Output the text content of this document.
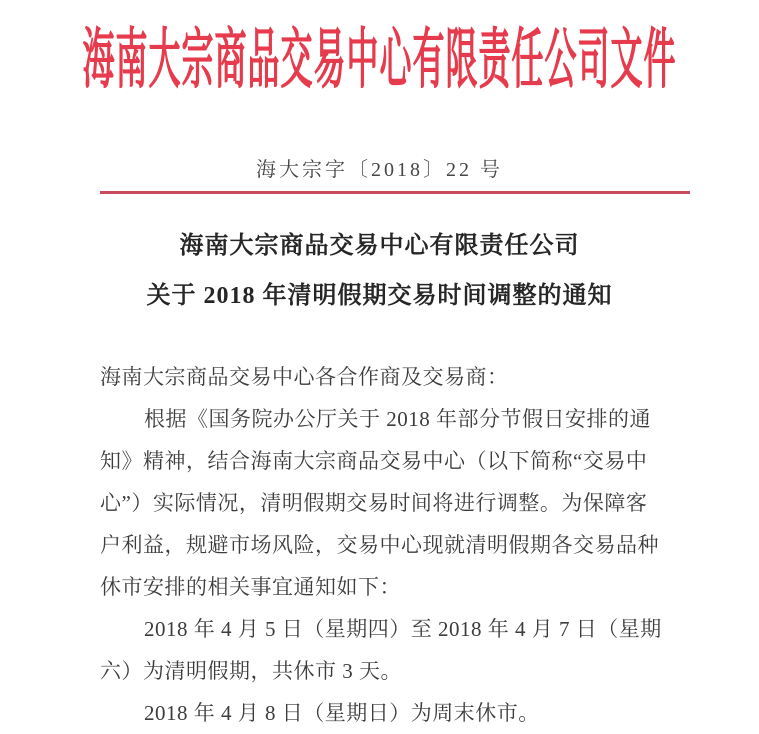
海南大宗商品交易中心有限责任公司文件
海大宗字〔2018〕22 号
海南大宗商品交易中心有限责任公司
关于 2018 年清明假期交易时间调整的通知
海南大宗商品交易中心各合作商及交易商：
根据《国务院办公厅关于 2018 年部分节假日安排的通
知》精神，结合海南大宗商品交易中心（以下简称“交易中
心”）实际情况，清明假期交易时间将进行调整。为保障客
户利益，规避市场风险，交易中心现就清明假期各交易品种
休市安排的相关事宜通知如下：
2018 年 4 月 5 日（星期四）至 2018 年 4 月 7 日（星期
六）为清明假期，共休市 3 天。
2018 年 4 月 8 日（星期日）为周末休市。
